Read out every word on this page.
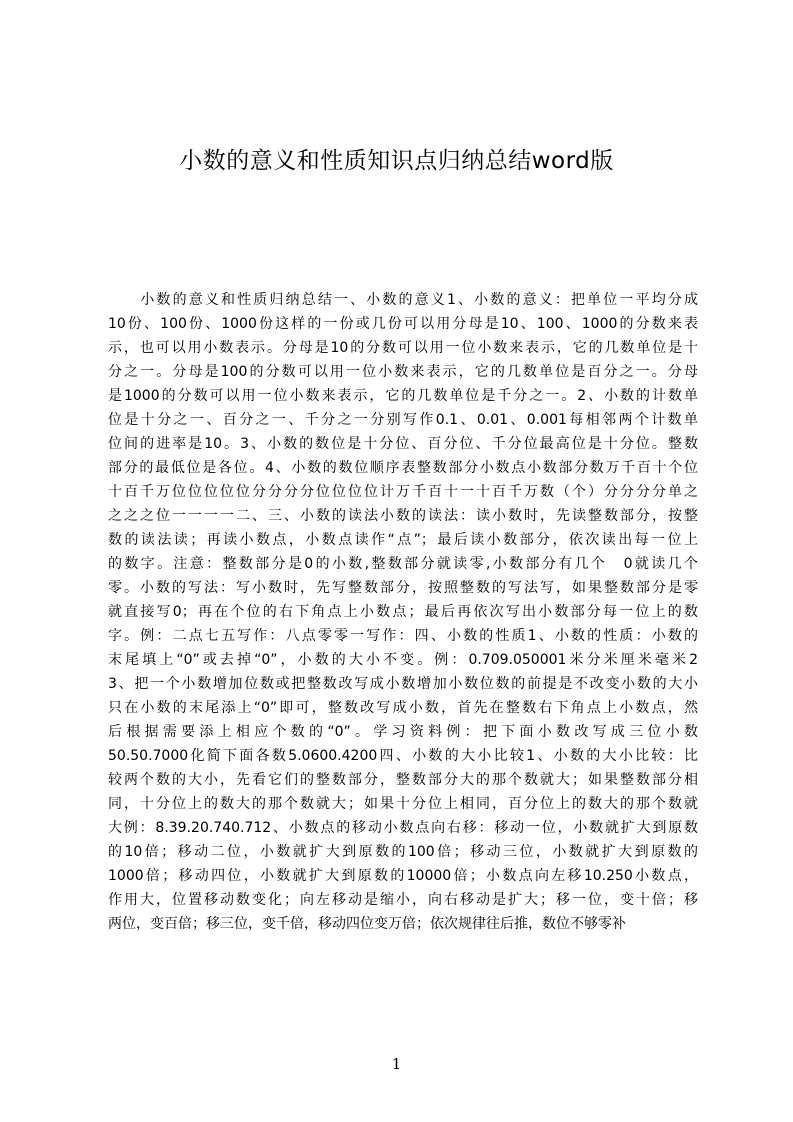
小数的意义和性质知识点归纳总结word版
　　小数的意义和性质归纳总结一、小数的意义1、小数的意义：把单位一平均分成
10份、100份、1000份这样的一份或几份可以用分母是10、100、1000的分数来表
示，也可以用小数表示。分母是10的分数可以用一位小数来表示，它的几数单位是十
分之一。分母是100的分数可以用一位小数来表示，它的几数单位是百分之一。分母
是1000的分数可以用一位小数来表示，它的几数单位是千分之一。2、小数的计数单
位是十分之一、百分之一、千分之一分别写作0.1、0.01、0.001每相邻两个计数单
位间的进率是10。3、小数的数位是十分位、百分位、千分位最高位是十分位。整数
部分的最低位是各位。4、小数的数位顺序表整数部分小数点小数部分数万千百十个位
十百千万位位位位位分分分分位位位位计万千百十一十百千万数（个）分分分分单之
之之之位一一一一二、三、小数的读法小数的读法：读小数时，先读整数部分，按整
数的读法读；再读小数点，小数点读作“点”；最后读小数部分，依次读出每一位上
的数字。注意：整数部分是0的小数,整数部分就读零,小数部分有几个　0就读几个
零。小数的写法：写小数时，先写整数部分，按照整数的写法写，如果整数部分是零
就直接写0；再在个位的右下角点上小数点；最后再依次写出小数部分每一位上的数
字。例：二点七五写作：八点零零一写作：四、小数的性质1、小数的性质：小数的
末尾填上“0”或去掉“0”，小数的大小不变。例：0.709.050001米分米厘米毫米2
3、把一个小数增加位数或把整数改写成小数增加小数位数的前提是不改变小数的大小
只在小数的末尾添上“0”即可，整数改写成小数，首先在整数右下角点上小数点，然
后根据需要添上相应个数的“0”。学习资料例：把下面小数改写成三位小数
50.50.7000化简下面各数5.0600.4200四、小数的大小比较1、小数的大小比较：比
较两个数的大小，先看它们的整数部分，整数部分大的那个数就大；如果整数部分相
同，十分位上的数大的那个数就大；如果十分位上相同，百分位上的数大的那个数就
大例：8.39.20.740.712、小数点的移动小数点向右移：移动一位，小数就扩大到原数
的10倍；移动二位，小数就扩大到原数的100倍；移动三位，小数就扩大到原数的
1000倍；移动四位，小数就扩大到原数的10000倍；小数点向左移10.250小数点，
作用大，位置移动数变化；向左移动是缩小，向右移动是扩大；移一位，变十倍；移
两位，变百倍；移三位，变千倍，移动四位变万倍；依次规律往后推，数位不够零补
1
